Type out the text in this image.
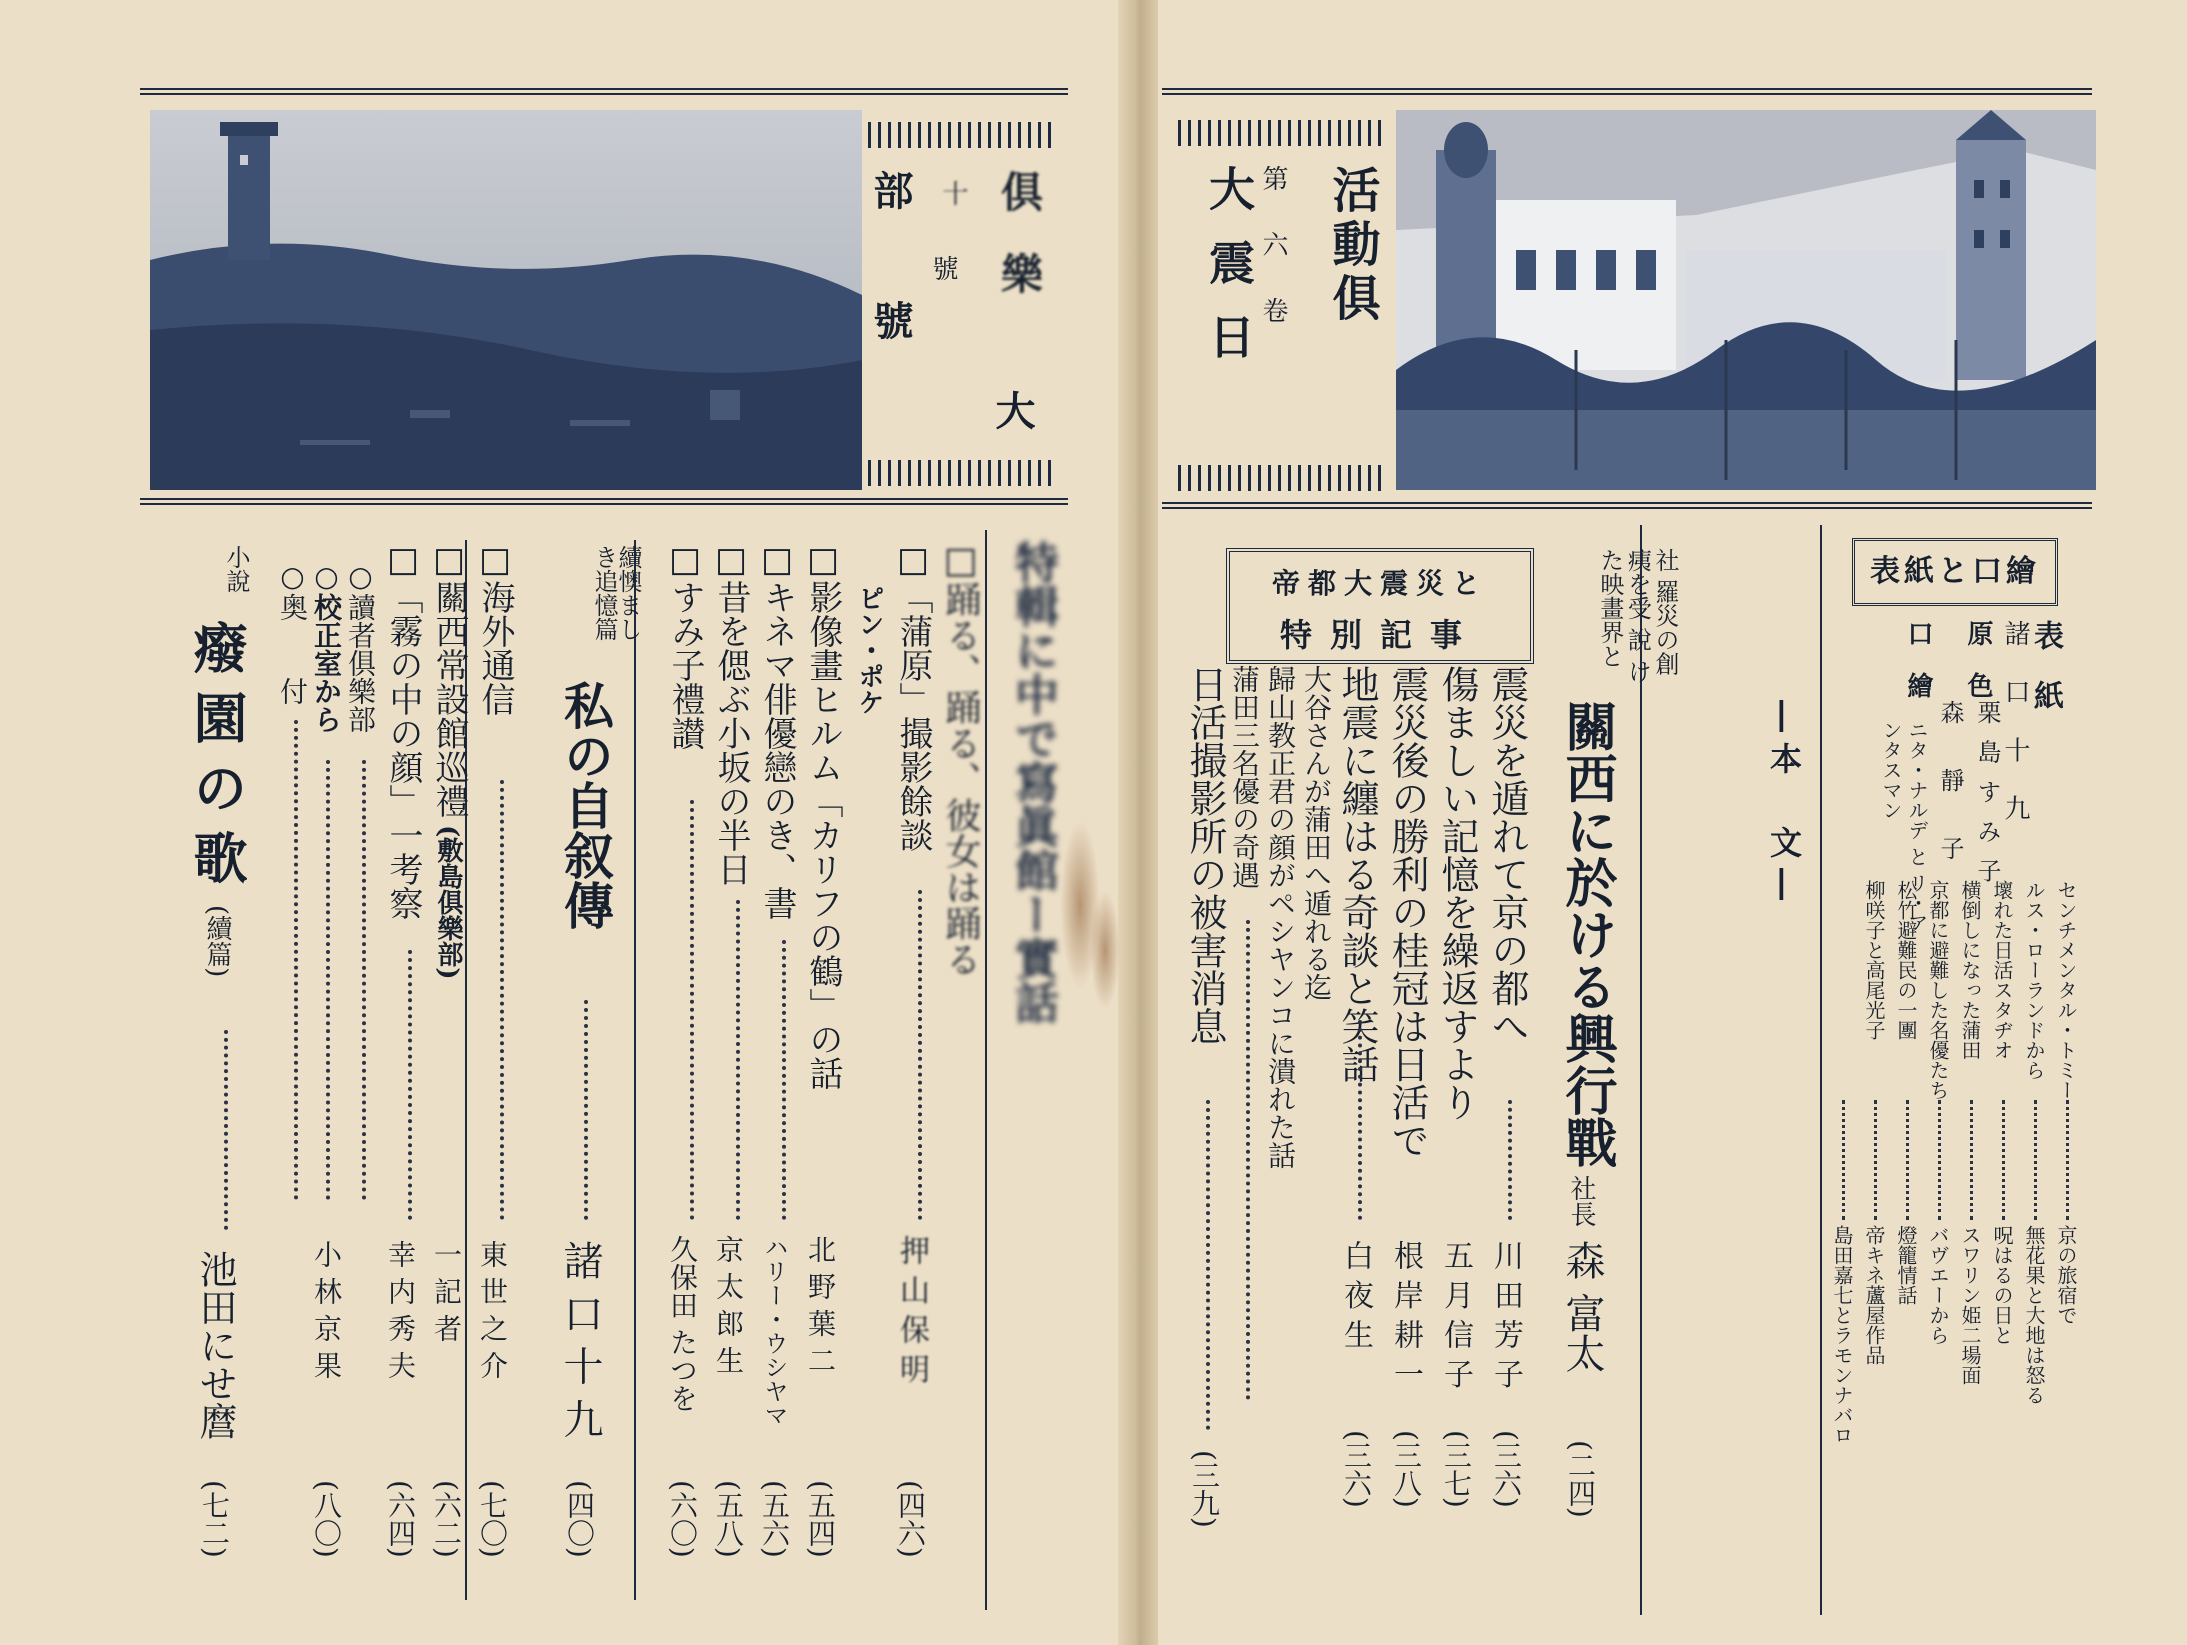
俱樂
部
號
號
十
大
特輯に中で寫眞館ー實話
□踊る、踊る、彼女は踊る
□「蒲原」撮影餘談
押 山 保 明
(四六)
ピン・ポケ
□影像畫ヒルム「カリフの鶴」の話
北 野 葉 二
(五四)
□キネマ俳優戀のき、書
ハリー・ウシヤマ
(五六)
□昔を偲ぶ小坂の半日
京 太 郎 生
(五八)
□すみ子禮讃
久保田 たつを
(六〇)
續懊まし き追憶篇
私の自叙傳
諸 口 十 九
(四〇)
□海外通信
東 世 之 介
(七〇)
□關西常設館巡禮
(敷島俱樂部)
一 記 者
(六二)
□「霧の中の顔」一考察
幸 内 秀 夫
(六四)
○讀者俱樂部
○校正室から
小 林 京 果
(八〇)
○奥　　付
小說
癈園の歌
(續篇)
池田にせ麿
(七二)
活動俱
第六卷
大震日
帝都大震災と
特別記事	社 羅災の創痍を受 說 けた映畫界と
關西に於ける興行戰
社長
森 富太
(二四)
震災を遁れて京の都へ
川 田 芳 子
(三六)
傷ましい記憶を繰返すより
五 月 信 子
(三七)
震災後の勝利の桂冠は日活で
根 岸 耕 一
(三八)
地震に纏はる奇談と笑話
白 夜 生
(三六)
大谷さんが蒲田へ遁れる迄
歸山教正君の顔がペシヤンコに潰れた話
蒲田三名優の奇遇
日活撮影所の被害消息
(三九)
表紙と口繪
表　紙
諸 口 十 九
原　色
栗 島 す み 子
森　靜　子
口　繪
ニタ・ナルデ と リ・アンタスマン
―本　文―	センチメンタル・トミー
京の旅宿で
ルス・ローランドから
無花果と大地は怒る
壞れた日活スタヂオ
呪はるの日と
横倒しになった蒲田
スワリン姫二場面
京都に避難した名優たち
バヴエーから
松竹避難民の一團
燈籠情話
柳咲子と高尾光子
帝キネ蘆屋作品
島田嘉七とラモンナバロ
